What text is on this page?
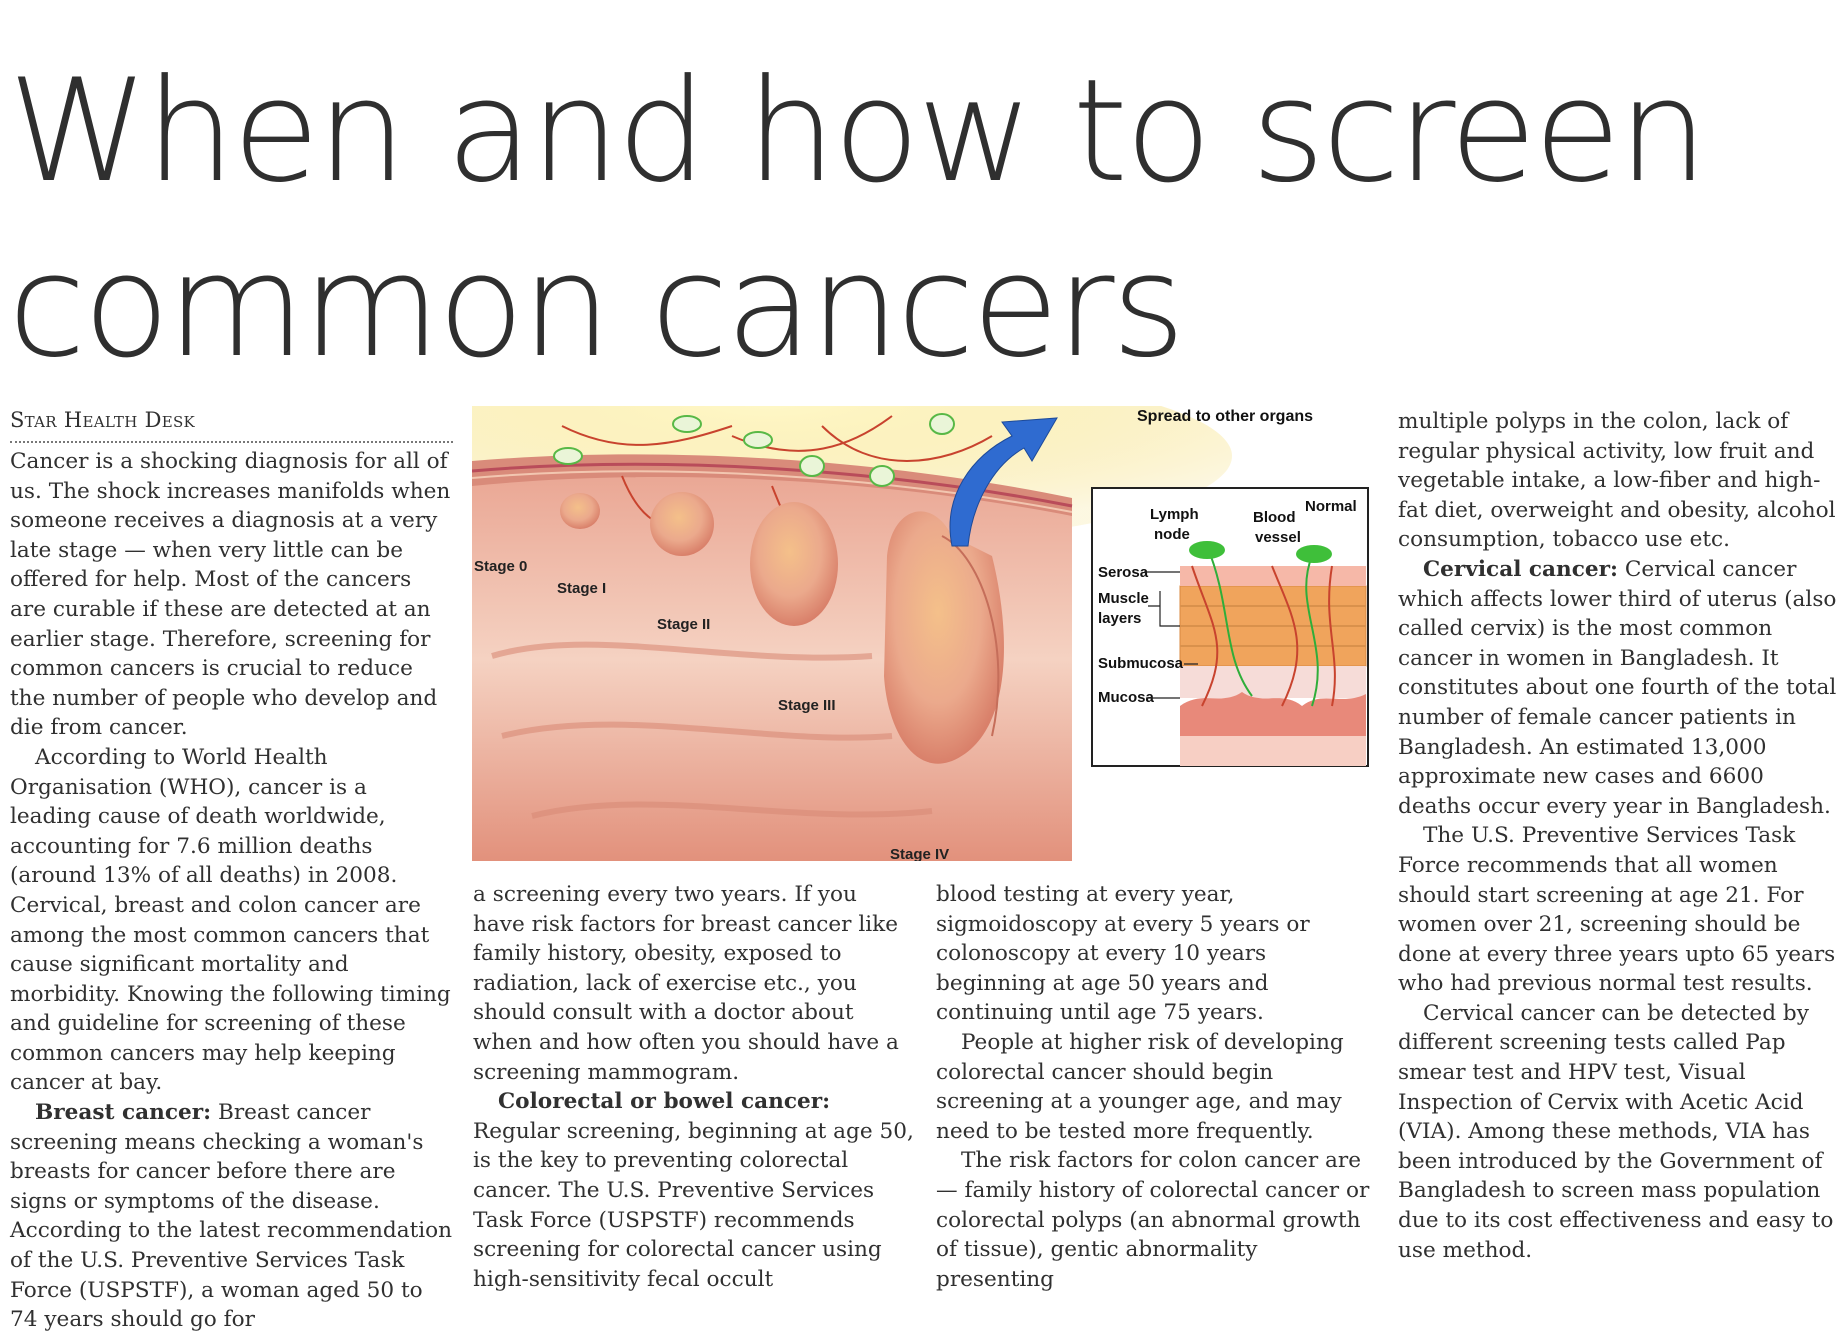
When and how to screen
common cancers
Star Health Desk

Cancer is a shocking diagnosis for all of us. The shock increases manifolds when someone receives a diagnosis at a very late stage — when very little can be offered for help. Most of the cancers are curable if these are detected at an earlier stage. Therefore, screening for common cancers is crucial to reduce the number of people who develop and die from cancer.

According to World Health Organisation (WHO), cancer is a leading cause of death worldwide, accounting for 7.6 million deaths (around 13% of all deaths) in 2008. Cervical, breast and colon cancer are among the most common cancers that cause significant mortality and morbidity. Knowing the following timing and guideline for screening of these common cancers may help keeping cancer at bay.

Breast cancer: Breast cancer screening means checking a woman's breasts for cancer before there are signs or symptoms of the disease. According to the latest recommendation of the U.S. Preventive Services Task Force (USPSTF), a woman aged 50 to 74 years should go for

Spread to other organs
Stage 0
Stage I
Stage II
Stage III
Stage IV
Normal
Lymph
node
Blood
vessel
Serosa
Muscle
layers
Submucosa
Mucosa

a screening every two years. If you have risk factors for breast cancer like family history, obesity, exposed to radiation, lack of exercise etc., you should consult with a doctor about when and how often you should have a screening mammogram.

Colorectal or bowel cancer: Regular screening, beginning at age 50, is the key to preventing colorectal cancer. The U.S. Preventive Services Task Force (USPSTF) recommends screening for colorectal cancer using high-sensitivity fecal occult

blood testing at every year, sigmoidoscopy at every 5 years or colonoscopy at every 10 years beginning at age 50 years and continuing until age 75 years.

People at higher risk of developing colorectal cancer should begin screening at a younger age, and may need to be tested more frequently.

The risk factors for colon cancer are — family history of colorectal cancer or colorectal polyps (an abnormal growth of tissue), gentic abnormality presenting

multiple polyps in the colon, lack of regular physical activity, low fruit and vegetable intake, a low-fiber and high-fat diet, overweight and obesity, alcohol consumption, tobacco use etc.

Cervical cancer: Cervical cancer which affects lower third of uterus (also called cervix) is the most common cancer in women in Bangladesh. It constitutes about one fourth of the total number of female cancer patients in Bangladesh. An estimated 13,000 approximate new cases and 6600 deaths occur every year in Bangladesh.

The U.S. Preventive Services Task Force recommends that all women should start screening at age 21. For women over 21, screening should be done at every three years upto 65 years who had previous normal test results.

Cervical cancer can be detected by different screening tests called Pap smear test and HPV test, Visual Inspection of Cervix with Acetic Acid (VIA). Among these methods, VIA has been introduced by the Government of Bangladesh to screen mass population due to its cost effectiveness and easy to use method.
